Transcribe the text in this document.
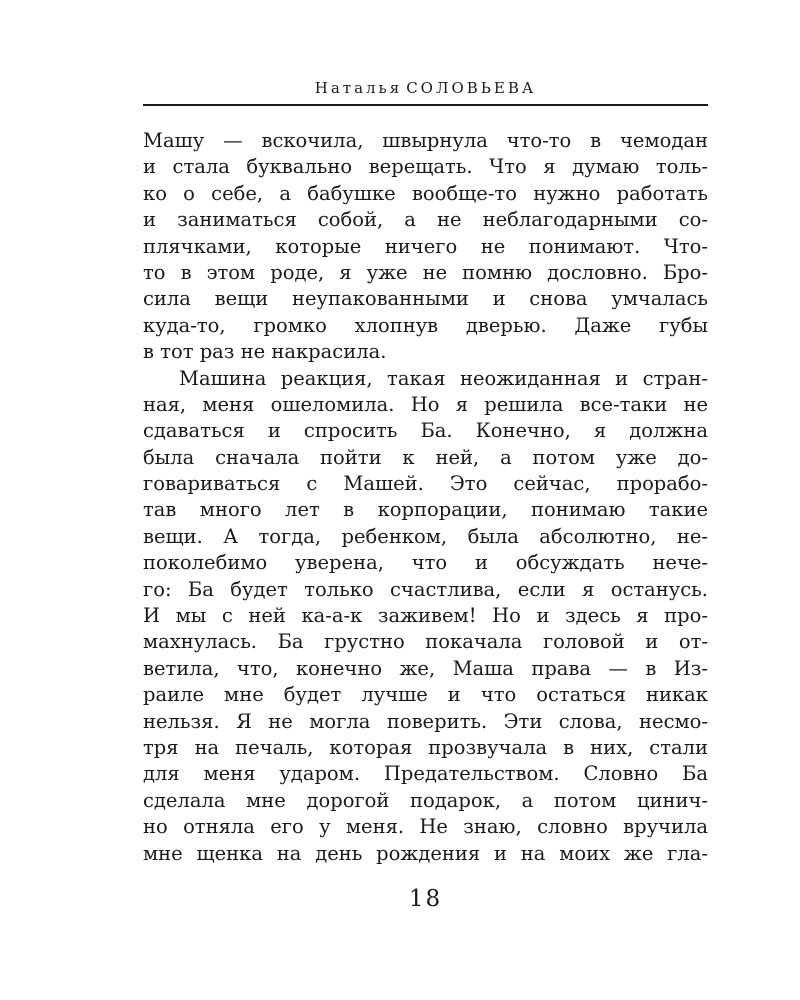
Наталья СОЛОВЬЕВА
Машу — вскочила, швырнула что-то в чемодан
и стала буквально верещать. Что я думаю толь-
ко о себе, а бабушке вообще-то нужно работать
и заниматься собой, а не неблагодарными со-
плячками, которые ничего не понимают. Что-
то в этом роде, я уже не помню дословно. Бро-
сила вещи неупакованными и снова умчалась
куда-то, громко хлопнув дверью. Даже губы
в тот раз не накрасила.
Машина реакция, такая неожиданная и стран-
ная, меня ошеломила. Но я решила все-таки не
сдаваться и спросить Ба. Конечно, я должна
была сначала пойти к ней, а потом уже до-
говариваться с Машей. Это сейчас, прорабо-
тав много лет в корпорации, понимаю такие
вещи. А тогда, ребенком, была абсолютно, не-
поколебимо уверена, что и обсуждать нече-
го: Ба будет только счастлива, если я останусь.
И мы с ней ка-а-к заживем! Но и здесь я про-
махнулась. Ба грустно покачала головой и от-
ветила, что, конечно же, Маша права — в Из-
раиле мне будет лучше и что остаться никак
нельзя. Я не могла поверить. Эти слова, несмо-
тря на печаль, которая прозвучала в них, стали
для меня ударом. Предательством. Словно Ба
сделала мне дорогой подарок, а потом цинич-
но отняла его у меня. Не знаю, словно вручила
мне щенка на день рождения и на моих же гла-
18
